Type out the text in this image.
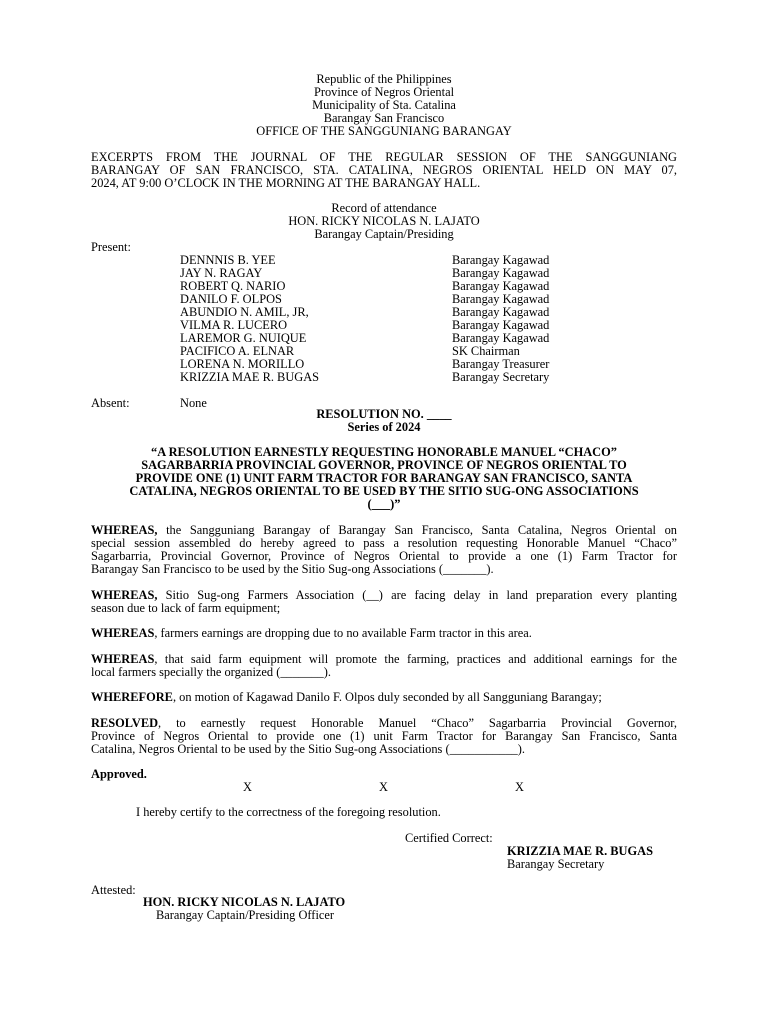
Republic of the Philippines
Province of Negros Oriental
Municipality of Sta. Catalina
Barangay San Francisco
OFFICE OF THE SANGGUNIANG BARANGAY
EXCERPTS FROM THE JOURNAL OF THE REGULAR SESSION OF THE SANGGUNIANG
BARANGAY OF SAN FRANCISCO, STA. CATALINA, NEGROS ORIENTAL HELD ON MAY 07,
2024, AT 9:00 O’CLOCK IN THE MORNING AT THE BARANGAY HALL.
Record of attendance
HON. RICKY NICOLAS N. LAJATO
Barangay Captain/Presiding
Present:
DENNNIS B. YEE	Barangay Kagawad
JAY N. RAGAY	Barangay Kagawad
ROBERT Q. NARIO	Barangay Kagawad
DANILO F. OLPOS	Barangay Kagawad
ABUNDIO N. AMIL, JR,	Barangay Kagawad
VILMA R. LUCERO	Barangay Kagawad
LAREMOR G. NUIQUE	Barangay Kagawad
PACIFICO A. ELNAR	SK Chairman
LORENA N. MORILLO	Barangay Treasurer
KRIZZIA MAE R. BUGAS	Barangay Secretary
Absent:	None
RESOLUTION NO. ____
Series of 2024
“A RESOLUTION EARNESTLY REQUESTING HONORABLE MANUEL “CHACO”
SAGARBARRIA PROVINCIAL GOVERNOR, PROVINCE OF NEGROS ORIENTAL TO
PROVIDE ONE (1) UNIT FARM TRACTOR FOR BARANGAY SAN FRANCISCO, SANTA
CATALINA, NEGROS ORIENTAL TO BE USED BY THE SITIO SUG-ONG ASSOCIATIONS
(___)”
WHEREAS, the Sangguniang Barangay of Barangay San Francisco, Santa Catalina, Negros Oriental on
special session assembled do hereby agreed to pass a resolution requesting Honorable Manuel “Chaco”
Sagarbarria, Provincial Governor, Province of Negros Oriental to provide a one (1) Farm Tractor for
Barangay San Francisco to be used by the Sitio Sug-ong Associations (_______).
WHEREAS, Sitio Sug-ong Farmers Association (__) are facing delay in land preparation every planting
season due to lack of farm equipment;
WHEREAS, farmers earnings are dropping due to no available Farm tractor in this area.
WHEREAS, that said farm equipment will promote the farming, practices and additional earnings for the
local farmers specially the organized (_______).
WHEREFORE, on motion of Kagawad Danilo F. Olpos duly seconded by all Sangguniang Barangay;
RESOLVED, to earnestly request Honorable Manuel “Chaco” Sagarbarria Provincial Governor,
Province of Negros Oriental to provide one (1) unit Farm Tractor for Barangay San Francisco, Santa
Catalina, Negros Oriental to be used by the Sitio Sug-ong Associations (___________).
Approved.
X	X	X
I hereby certify to the correctness of the foregoing resolution.
Certified Correct:
KRIZZIA MAE R. BUGAS
Barangay Secretary
Attested:
HON. RICKY NICOLAS N. LAJATO
Barangay Captain/Presiding Officer
